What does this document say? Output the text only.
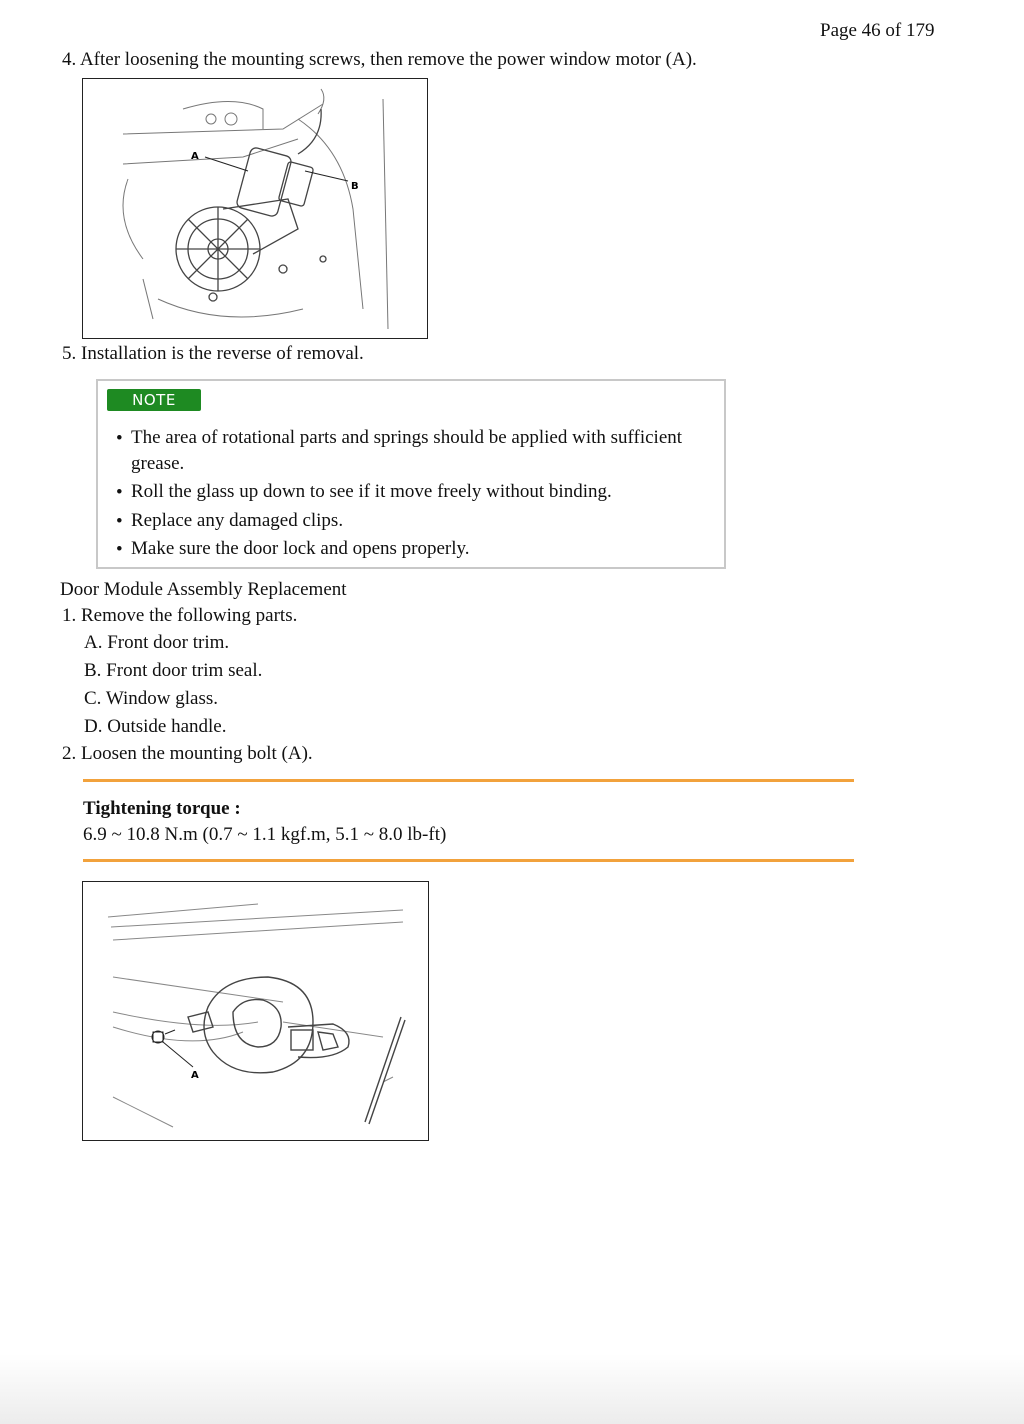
Page 46 of 179
4. After loosening the mounting screws, then remove the power window motor (A).
A
B
5. Installation is the reverse of removal.
NOTE
• The area of rotational parts and springs should be applied with sufficient grease.
• Roll the glass up down to see if it move freely without binding.
• Replace any damaged clips.
• Make sure the door lock and opens properly.
Door Module Assembly Replacement
1. Remove the following parts.
A. Front door trim.
B. Front door trim seal.
C. Window glass.
D. Outside handle.
2. Loosen the mounting bolt (A).
Tightening torque :
6.9 ~ 10.8 N.m (0.7 ~ 1.1 kgf.m, 5.1 ~ 8.0 lb-ft)
A
